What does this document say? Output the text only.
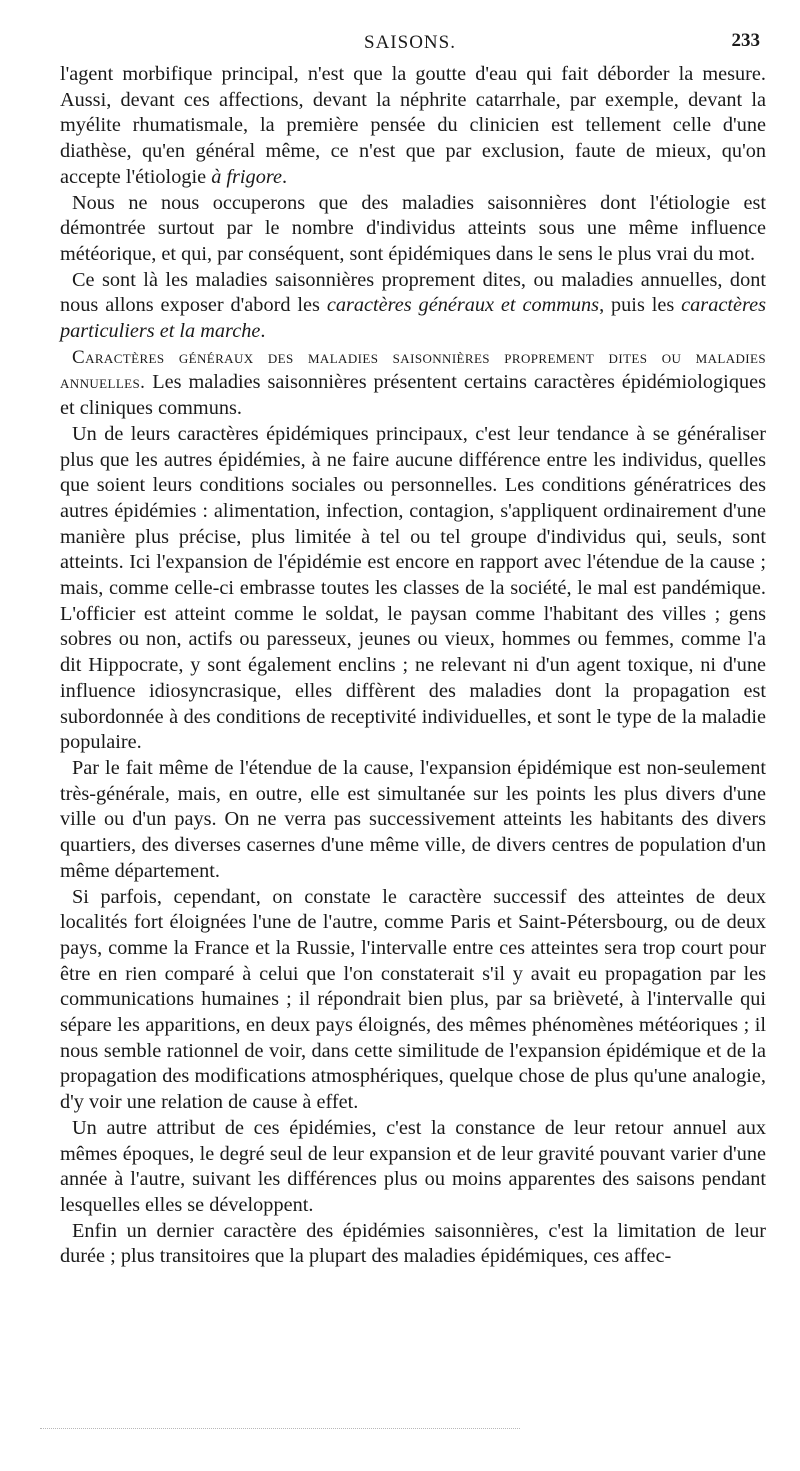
SAISONS.	233

l'agent morbifique principal, n'est que la goutte d'eau qui fait déborder la mesure. Aussi, devant ces affections, devant la néphrite catarrhale, par exemple, devant la myélite rhumatismale, la première pensée du clinicien est tellement celle d'une diathèse, qu'en général même, ce n'est que par exclusion, faute de mieux, qu'on accepte l'étiologie à frigore.

Nous ne nous occuperons que des maladies saisonnières dont l'étiologie est démontrée surtout par le nombre d'individus atteints sous une même influence météorique, et qui, par conséquent, sont épidémiques dans le sens le plus vrai du mot.

Ce sont là les maladies saisonnières proprement dites, ou maladies annuelles, dont nous allons exposer d'abord les caractères généraux et communs, puis les caractères particuliers et la marche.

Caractères généraux des maladies saisonnières proprement dites ou maladies annuelles. Les maladies saisonnières présentent certains caractères épidémiologiques et cliniques communs.

Un de leurs caractères épidémiques principaux, c'est leur tendance à se généraliser plus que les autres épidémies, à ne faire aucune différence entre les individus, quelles que soient leurs conditions sociales ou personnelles. Les conditions génératrices des autres épidémies : alimentation, infection, contagion, s'appliquent ordinairement d'une manière plus précise, plus limitée à tel ou tel groupe d'individus qui, seuls, sont atteints. Ici l'expansion de l'épidémie est encore en rapport avec l'étendue de la cause ; mais, comme celle-ci embrasse toutes les classes de la société, le mal est pandémique. L'officier est atteint comme le soldat, le paysan comme l'habitant des villes ; gens sobres ou non, actifs ou paresseux, jeunes ou vieux, hommes ou femmes, comme l'a dit Hippocrate, y sont également enclins ; ne relevant ni d'un agent toxique, ni d'une influence idiosyncrasique, elles diffèrent des maladies dont la propagation est subordonnée à des conditions de receptivité individuelles, et sont le type de la maladie populaire.

Par le fait même de l'étendue de la cause, l'expansion épidémique est non-seulement très-générale, mais, en outre, elle est simultanée sur les points les plus divers d'une ville ou d'un pays. On ne verra pas successivement atteints les habitants des divers quartiers, des diverses casernes d'une même ville, de divers centres de population d'un même département.

Si parfois, cependant, on constate le caractère successif des atteintes de deux localités fort éloignées l'une de l'autre, comme Paris et Saint-Pétersbourg, ou de deux pays, comme la France et la Russie, l'intervalle entre ces atteintes sera trop court pour être en rien comparé à celui que l'on constaterait s'il y avait eu propagation par les communications humaines ; il répondrait bien plus, par sa brièveté, à l'intervalle qui sépare les apparitions, en deux pays éloignés, des mêmes phénomènes météoriques ; il nous semble rationnel de voir, dans cette similitude de l'expansion épidémique et de la propagation des modifications atmosphériques, quelque chose de plus qu'une analogie, d'y voir une relation de cause à effet.

Un autre attribut de ces épidémies, c'est la constance de leur retour annuel aux mêmes époques, le degré seul de leur expansion et de leur gravité pouvant varier d'une année à l'autre, suivant les différences plus ou moins apparentes des saisons pendant lesquelles elles se développent.

Enfin un dernier caractère des épidémies saisonnières, c'est la limitation de leur durée ; plus transitoires que la plupart des maladies épidémiques, ces affec-
